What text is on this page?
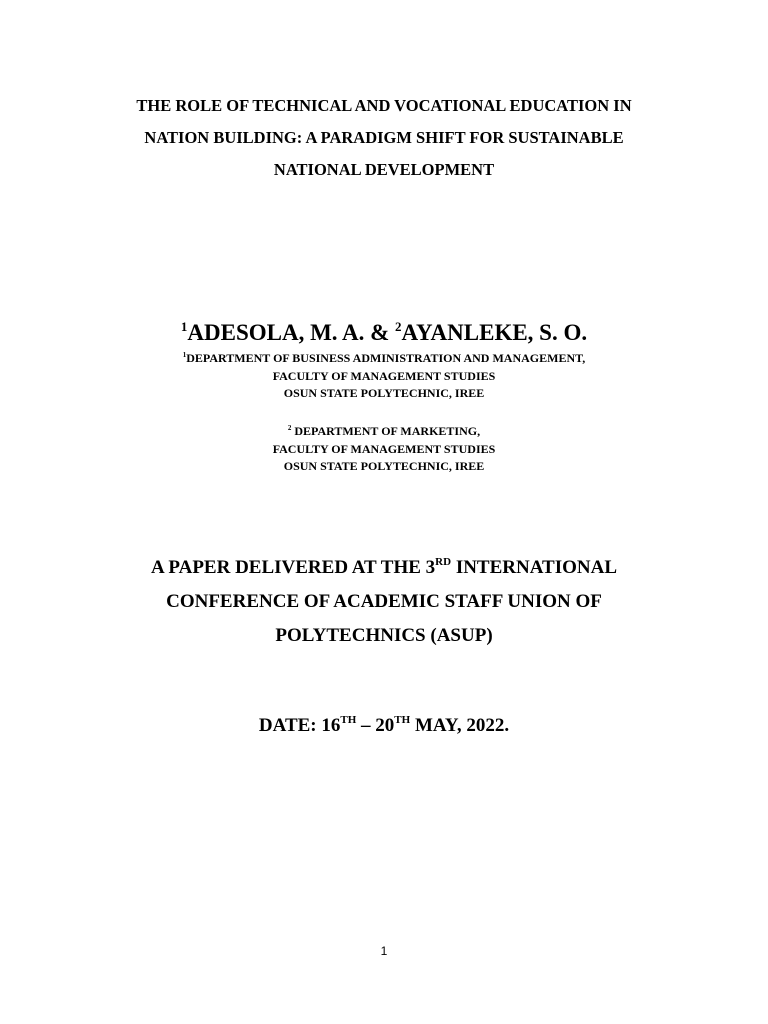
THE ROLE OF TECHNICAL AND VOCATIONAL EDUCATION IN
NATION BUILDING: A PARADIGM SHIFT FOR SUSTAINABLE
NATIONAL DEVELOPMENT
$^1$ADESOLA, M. A. & $^2$AYANLEKE, S. O.
$^1$DEPARTMENT OF BUSINESS ADMINISTRATION AND MANAGEMENT,
FACULTY OF MANAGEMENT STUDIES
OSUN STATE POLYTECHNIC, IREE
$^2$ DEPARTMENT OF MARKETING,
FACULTY OF MANAGEMENT STUDIES
OSUN STATE POLYTECHNIC, IREE
A PAPER DELIVERED AT THE 3RD INTERNATIONAL
CONFERENCE OF ACADEMIC STAFF UNION OF
POLYTECHNICS (ASUP)
DATE: 16TH – 20TH MAY, 2022.
1
